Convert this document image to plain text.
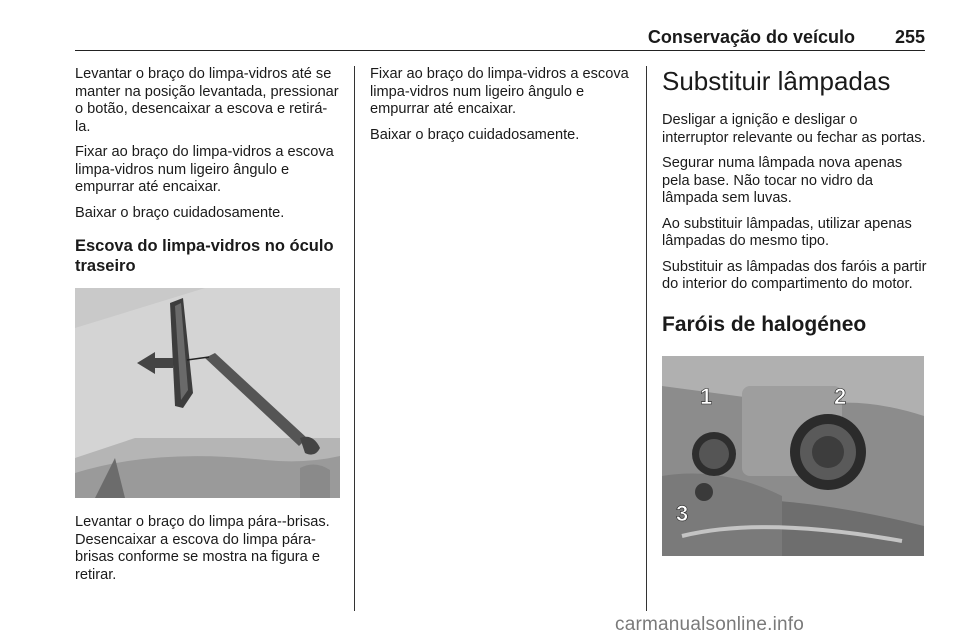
Conservação do veículo 255

Levantar o braço do limpa-vidros até se manter na posição levantada, pressionar o botão, desencaixar a escova e retirá-la.

Fixar ao braço do limpa-vidros a escova limpa-vidros num ligeiro ângulo e empurrar até encaixar.

Baixar o braço cuidadosamente.

Escova do limpa-vidros no óculo traseiro

Levantar o braço do limpa pára--brisas. Desencaixar a escova do limpa pára-brisas conforme se mostra na figura e retirar.

Fixar ao braço do limpa-vidros a escova limpa-vidros num ligeiro ângulo e empurrar até encaixar.

Baixar o braço cuidadosamente.

Substituir lâmpadas

Desligar a ignição e desligar o interruptor relevante ou fechar as portas.

Segurar numa lâmpada nova apenas pela base. Não tocar no vidro da lâmpada sem luvas.

Ao substituir lâmpadas, utilizar apenas lâmpadas do mesmo tipo.

Substituir as lâmpadas dos faróis a partir do interior do compartimento do motor.

Faróis de halogéneo
1	2
3
carmanualsonline.info
